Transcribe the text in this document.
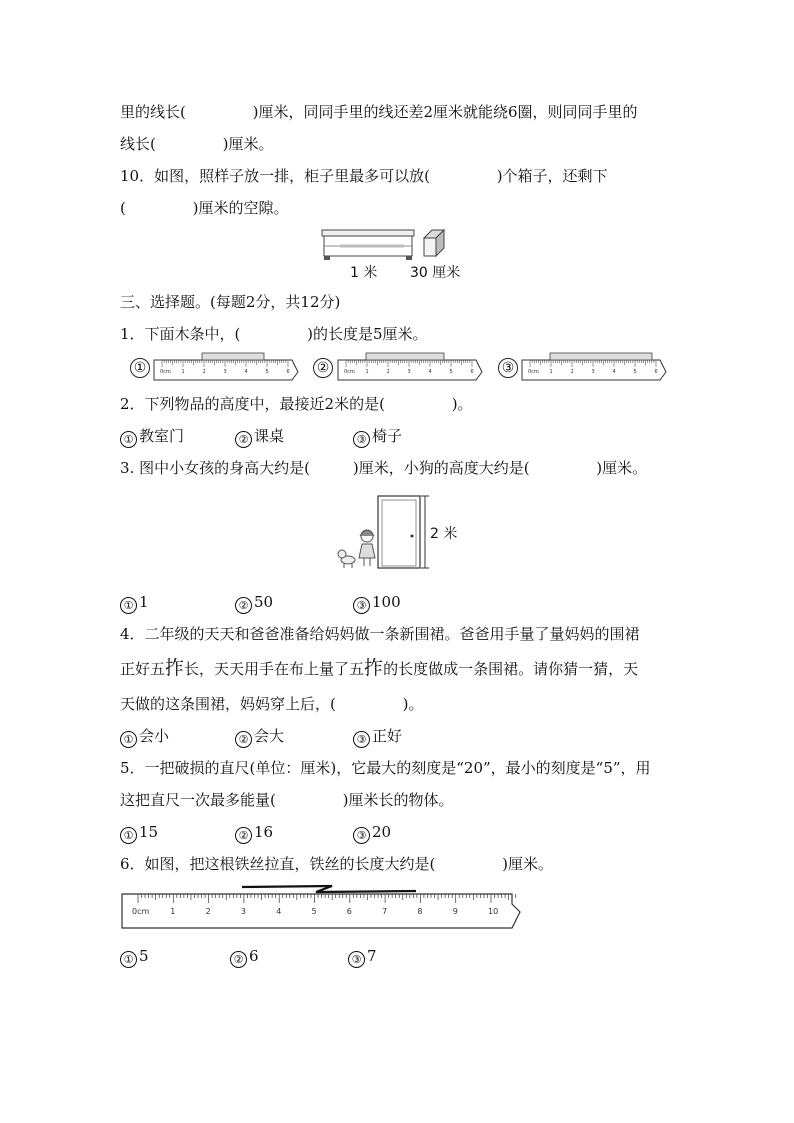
里的线长(              )厘米，同同手里的线还差2厘米就能绕6圈，则同同手里的
线长(              )厘米。
10．如图，照样子放一排，柜子里最多可以放(              )个箱子，还剩下
(              )厘米的空隙。
1 米 30 厘米
三、选择题。(每题2分，共12分)
1．下面木条中，(              )的长度是5厘米。
①	②	③
0cm 1	2	3	4	5	6	0cm 1	2	3	4	5	6	0cm 1	2	3	4	5	6
2．下列物品的高度中，最接近2米的是(              )。
① 教室门	② 课桌	③ 椅子
3. 图中小女孩的身高大约是(         )厘米，小狗的高度大约是(              )厘米。
2 米
① 1	② 50	③ 100
4．二年级的天天和爸爸准备给妈妈做一条新围裙。爸爸用手量了量妈妈的围裙
正好五拃长，天天用手在布上量了五拃的长度做成一条围裙。请你猜一猜，天
天做的这条围裙，妈妈穿上后，(              )。
① 会小	② 会大	③ 正好
5．一把破损的直尺(单位：厘米)，它最大的刻度是“20”，最小的刻度是“5”，用
这把直尺一次最多能量(              )厘米长的物体。
① 15	② 16	③ 20
6．如图，把这根铁丝拉直，铁丝的长度大约是(              )厘米。
0cm	1	2	3	4	5	6	7	8	9	10
① 5	② 6	③ 7
